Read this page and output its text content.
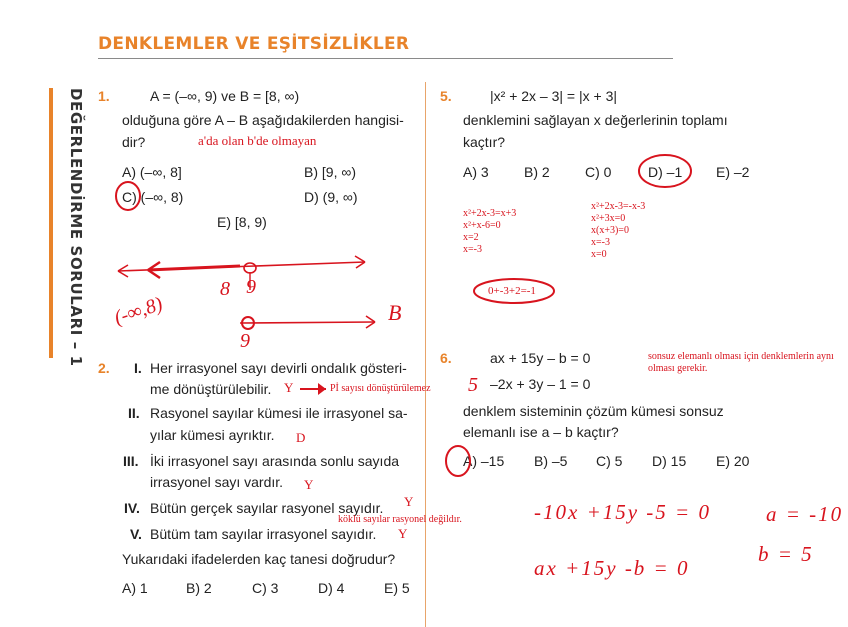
DENKLEMLER VE EŞİTSİZLİKLER
DEĞERLENDİRME SORULARI – 1 1.	A = (–∞, 9) ve B = [8, ∞)
olduğuna göre A – B aşağıdakilerden hangisi-
dir?	a'da olan b'de olmayan
A) (–∞, 8]	B) [9, ∞)
C) (–∞, 8)	D) (9, ∞)
E) [8, 9)
8 9
(-∞,8)
9
B
2. I. Her irrasyonel sayı devirli ondalık gösteri-
me dönüştürülebilir. Y	Pİ sayısı dönüştürülemez
II. Rasyonel sayılar kümesi ile irrasyonel sa-
yılar kümesi ayrıktır. D
III. İki irrasyonel sayı arasında sonlu sayıda
irrasyonel sayı vardır. Y
IV. Bütün gerçek sayılar rasyonel sayıdır. Y
köklü sayılar rasyonel değildır.
V. Bütüm tam sayılar irrasyonel sayıdır. Y
Yukarıdaki ifadelerden kaç tanesi doğrudur?
A) 1	B) 2	C) 3	D) 4	E) 5
5.	|x² + 2x – 3| = |x + 3|
denklemini sağlayan x değerlerinin toplamı
kaçtır?
A) 3	B) 2	C) 0	D) –1 E) –2
x²+2x-3=x+3
x²+x-6=0
x=2
x=-3
x²+2x-3=-x-3
x²+3x=0
x(x+3)=0
x=-3
x=0
0+-3+2=-1
6.	ax + 15y – b = 0
5 –2x + 3y – 1 = 0
sonsuz elemanlı olması için denklemlerin aynı olması gerekir.
denklem sisteminin çözüm kümesi sonsuz
elemanlı ise a – b kaçtır?
A) –15 B) –5 C) 5 D) 15 E) 20
-10x +15y -5 = 0
ax +15y -b = 0
a = -10
b = 5
